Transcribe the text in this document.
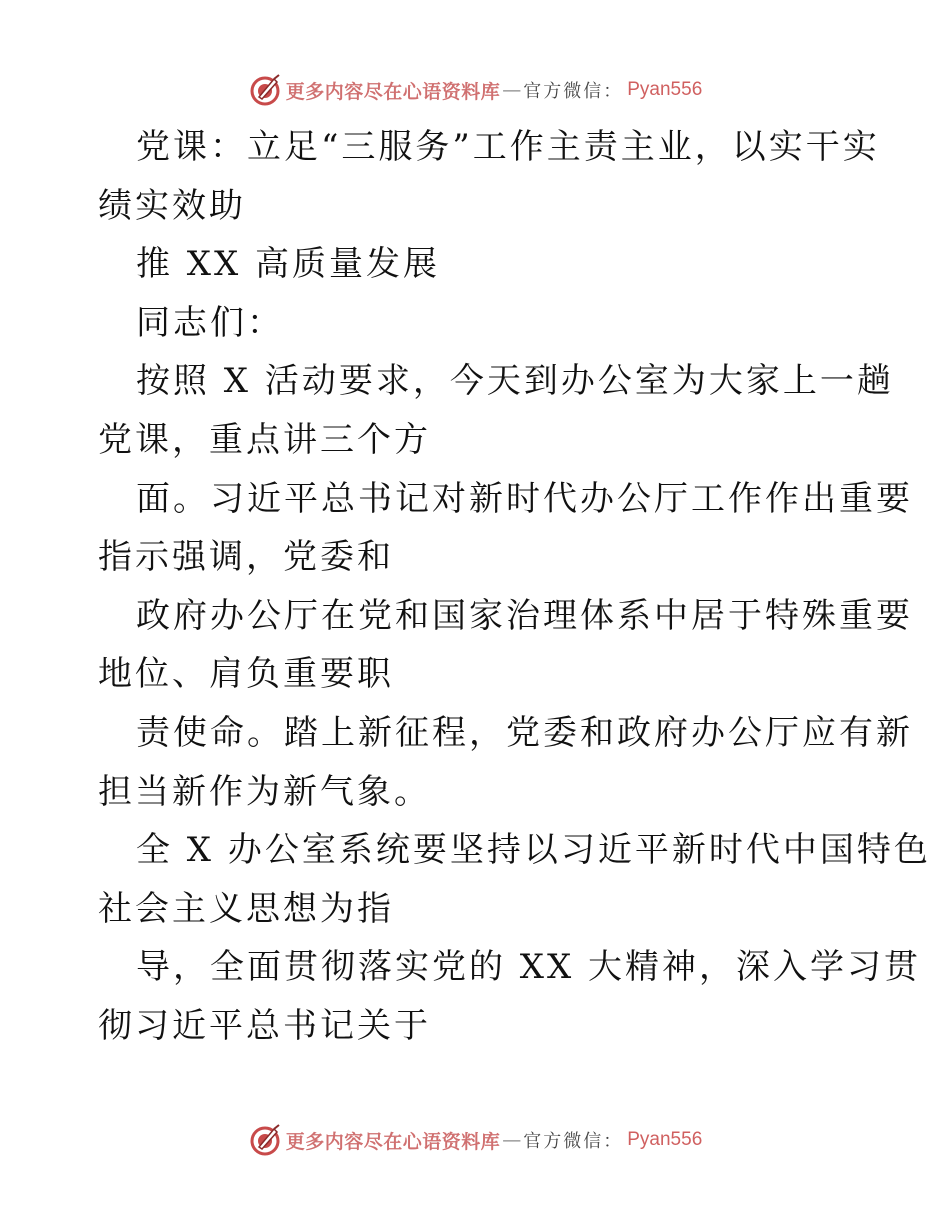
更多内容尽在心语资料库 — 官方微信： Pyan556
党课：立足“三服务”工作主责主业，以实干实
绩实效助
推 XX 高质量发展
同志们：
按照 X 活动要求，今天到办公室为大家上一趟
党课，重点讲三个方
面。习近平总书记对新时代办公厅工作作出重要
指示强调，党委和
政府办公厅在党和国家治理体系中居于特殊重要
地位、肩负重要职
责使命。踏上新征程，党委和政府办公厅应有新
担当新作为新气象。
全 X 办公室系统要坚持以习近平新时代中国特色
社会主义思想为指
导，全面贯彻落实党的 XX 大精神，深入学习贯
彻习近平总书记关于
更多内容尽在心语资料库 — 官方微信： Pyan556
